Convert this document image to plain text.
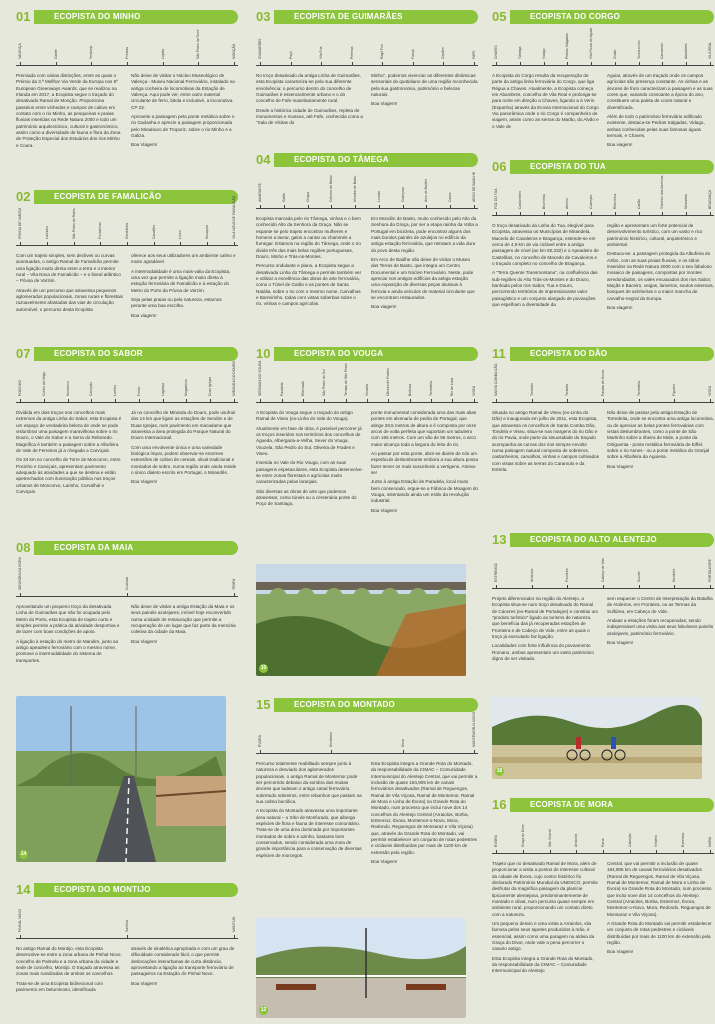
01	ECOPISTA DO MINHO
VALENÇA	Ganfei	Verdoejo	Friestas	Lapela	São Pedro da Torre	MONÇÃO

Premiada com várias distinções, entre as quais o Prémio da 3.ª Mellhor Via Verde da Europa nos 8º European Greenways Awards, que se realizou na Irlanda em 2017, a Ecopista segue o traçado do desativado Ramal de Monção. Proporciona passeios entre vinhedos e campos de cultivo em contato com o rio Minho, as pesqueiras e praias fluviais inseridas na Rede Natura 2000 e todo um património arquitectónico, cultural e gastronómico, assim como a diversidade de fauna e flora da Zona de Proteção Especial dos Estuários dos rios Minho e Coura.

Não deixe de visitar o Núcleo Museológico de Valença - Museu Nacional Ferroviário, instalado na antiga cocheira de locomotivas da Estação de Valença. Aqui pode ver, entre outro material circulante de ferro, bitola e inclusivé, a locomotiva CP 23.

Aproveite a passagem pela ponte metálica sobre o rio Gadanha e aprecie a paisagem proporcionada pelo Miradouro de Troporiz, sobre o rio Minho e a Galiza.

Boa Viagem!

02	ECOPISTA DE FAMALICÃO
PÓVOA DE VARZIM	Laúndos	São Pedro de Rates	Fontainhas	Gondifelos	Cavalões	Louro	Mouquim	VILA NOVA DE FAMALICÃO

Com um trajeto simples, sem declives ou curvas acentuadas, o antigo Ramal de Famalicão permite uma ligação muito direta entre a terra e o interior rural – Vila Nova de Famalicão – e o litoral atlântico – Póvoa de Varzim.

Através de um percurso que atravessa pequenos aglomerados populacionais, zonas rurais e florestais razoavelmente afastadas das vias de circulação automóvel, o percurso desta Ecopista

oferece aos seus utilizadores um ambiente calmo e muito agradável.

A intermodalidade é uma mais-valia da Ecopista, uma vez que permite a ligação muito direta à estação ferroviária de Famalicão e à estação do Metro do Porto da Póvoa de Varzim.

Seja pelas praias ou pela natureza, estamos perante uma boa escolha.

Boa viagem!

07	ECOPISTA DO SABOR
POCINHO	Cortes da Veiga	Moncorvo	Carviçais	Larinho	Freixo	Lagoaça	Mogadouro	Duas Igrejas	MIRANDA DO DOURO

Dividida em dois troços nos concelhos mais extremos da antiga Linha do Sabor, esta Ecopista é um espaço de verdadeira beleza de onde se pode vislumbrar uma paisagem maravilhosa sobre o rio Douro, o Vale do Sabor e a Serra do Reboredo. Magnífica é também a paisagem sobre a Albufeira de Vale de Ferreiros já a chegada a Carviçais.

Os 34 km no concelho de Torre de Moncorvo, entre Pocinho e Carviçais, apresentam pavimento adequado às atividades a que se destina e estão apetrechados com iluminação pública nos troços urbanos de Moncorvo, Larinho, Carvalhal e Carviçais.

Já no concelho de Miranda do Douro, pode usufruir dos 14 km que ligam as estações de Sendim e de Duas Igrejas, num pavimento em macadame que atravessa a área protegida do Parque Natural do Douro Internacional.

Com uma envolvente única e uma variedade biológica ímpar, podem observar-se enormes extensões de cultivo de cereais, olival tradicional e montados de sobro, numa região onde ainda reside o único dialeto escrito em Portugal, o Mirandês.

Boa Viagem!

08	ECOPISTA DA MAIA
SENHORA DA HORA	Custóias	TROFA

Aproveitando um pequeno troço da desativada Linha de Guimarães que não foi ocupada pelo Metro do Porto, esta Ecopista de trajeto curto e simples permite a prática da atividade desportiva e de lazer com boas condições de apoio.

A ligação à estação do metro de Mandim, junto ao antigo apeadeiro ferroviário com o mesmo nome, promove a intermodalidade do sistema de transportes.

Não deixe de visitar a antiga Estação da Maia e os seus painéis azulejares, imóvel hoje reconvertido numa unidade de restauração que permite a recuperação de um lugar que faz parte da memória coletiva da cidade da Maia.

Boa Viagem!

14
14	ECOPISTA DO MONTIJO
PINHAL NOVO	Sarilhos	MONTIJO

No antigo Ramal do Montijo, esta Ecopista desenvolve-se entre a zona urbana de Pinhal Novo, concelho de Palmela e a zona urbana da cidade e sede de concelho, Montijo. O traçado atravessa as zonas mais ruralizadas de ambos os concelhos.

Trata-se de uma Ecopista bidirecional com pavimento em betuminoso, identificada

através de sinalética apropriada e com um grau de dificuldade considerado fácil, o que permite deslocações interurbanas de curta distância, aproveitando a ligação ao transporte ferroviário de passageiros na Estação do Pinhal Novo.

Boa Viagem!

03	ECOPISTA DE GUIMARÃES
GUIMARÃES	Paçô	Vila Fria	Pereiras	Regô Frio	Fareja	Cepães	FAFE

No troço desativado da antiga Linha de Guimarães, esta Ecopista caracteriza-se pela sua diferente envolvência: o percurso dentro do concelho de Guimarães é essencialmente urbano e o do concelho de Fafe maioritariamente rural.

Desde a histórica cidade de Guimarães, repleta de monumentos e museus, até Fafe, conhecida como a "Sala de Visitas do

Minho", podemos vivenciar as diferentes dinâmicas sensoriais do quotidiano de uma região reconhecida pela sua gastronomia, património e belezas naturais.

Boa Viagem!

04	ECOPISTA DO TÂMEGA
AMARANTE	Gatão	Chapa	Celorico de Basto	Mondim de Basto	Lourido	Codeçoso	Arco de Baúlhe	Cavez	ARCO DE BAÚLHE

Ecopista marcada pelo rio Tâmega, vinhas e o bem conhecido Alto da Senhora da Graça. Não se espante se pelo trajeto encontrar mulheres e homens a lavrar, galos a cantar ou chaminés a fumegar. Estamos na região do Tâmega, onde o rio divide três das mais belas regiões portuguesas, Douro, Minho e Trás-os-Montes.

Percurso ondulante e plano, a Ecopista segue a desativada Linha do Tâmega e permite também ver e utilizar a excelência das obras de arte ferroviária, como o Túnel de Gatão e as pontes de Santa Natália, sobre o rio com o mesmo nome, Carvalhas e Barreirinho, todas com vistas soberbas sobre o rio, vinhas e campos agrícolas.

Em Mondim de Basto, muito conhecido pelo Alto da Senhora da Graça, por ser a etapa rainha da Volta a Portugal em bicicleta, pode encontrar alguns dos mais bonitos painéis de azulejos no edifício da antiga estação ferroviária, que retratam a vida dura do povo desta região.

Em Arco de Baúlhe não deixe de visitar o Museu das Terras de Basto, que integra um Centro Documental e um Núcleo Ferroviário. Neste, pode apreciar nos antigos edifícios da antiga estação uma exposição de diversas peças alusivas à ferrovia e ainda veículos de material circulante que se encontram restaurados.

Boa viagem!

10	ECOPISTA DO VOUGA
SERNADA DO VOUGA	Paradela	Ribeiradio	São Pedro do Sul	Termas de São Pedro	Vouzela	Oliveira de Frades	Bodiosa	Torredeita	Rio de Loba	VISEU

A Ecopista do Vouga segue o traçado do antigo Ramal de Viseu (ex-Linha do Vale do Vouga).

Atualmente em fase de obra, é possível percorrer já os troços inseridos nos territórios dos concelhos de Águeda, Albergaria-a-Velha, Sever do Vouga, Vouzela, São Pedro do Sul, Oliveira de Frades e Viseu.

Inserida no Vale do Rio Vouga, com as suas paisagens espetaculares, esta Ecopista desenvolve-se entre zonas florestais e agrícolas muito caracterizadas pelas laranjais.

São diversas as obras de arte que podemos atravessar, como túneis ou a centenária ponte do Poço de Santiago,

ponte monumental considerada uma das mais altas pontes em alvenaria de pedra de Portugal, que atinge 28,5 metros de altura e é composta por onze arcos de volta perfeita que suportam um tabuleiro com 165 metros. Com um vão de 55 metros, o arco maior alcança toda a largura do leito do rio.

Ao passar por esta ponte, abre-se diante de nós um espetáculo deslumbrante embora a sua altura possa fazer temer os mais suscetíveis a vertigens. Atreva-se!

Junto à antiga Estação de Paradela, local muito bem conservado, ergue-se a Fábrica de Moagem do Vouga, ostentando ainda um estilo da revolução industrial.

Boa Viagem!

10
15	ECOPISTA DO MONTADO
ÉVORA	Montemor	Mora	MONTEMOR-O-NOVO

Percurso totalmente reabilitado sempre junto à natureza e desviado dos aglomerados populacionais, o antigo Ramal de Montemor pode ser percorrido debaixo da sombra das muitas árvores que ladeiam o antigo canal ferroviário, sobretudo sobreiros, entre rebanhos que pastam na sua calma bucólica.

A Ecopista do Montado atravessa uma importante área natural – o Sítio de Monfurado, que alberga espécies de flora e fauna de interesse comunitário. Trata-se de uma área dominada por importantes montados de sobro e azinho, bastante bem conservados, sendo considerada uma zona de grande importância para a conservação de diversas espécies de morcegos.

Esta Ecopista integra a Grande Rota do Montado, da responsabilidade da CIMAC – Comunidade Intermunicipal do Alentejo Central, que vai permitir a inclusão de quase 184,805 km de canais ferroviários desativados (Ramal de Reguengos, Ramal de Vila Viçosa, Ramal de Montemor, Ramal de Mora e Linha de Évora) na Grande Rota do Montado, num processo que inclui nove dos 14 concelhos do Alentejo Central (Arraiolos, Borba, Estremoz, Évora, Montemor-o-Novo, Mora, Redondo, Reguengos de Monsaraz e Vila Viçosa) que, através da Grande Rota do Montado, vai permitir estabelecer um conjunto de rotas pedestres e cicláveis distribuídas por mais de 1100 km de extensão pela região.

Boa Viagem!

12
05	ECOPISTA DO CORGO
CHAVES	Tâmega	Vidago	Pedras Salgadas	Vila Pouca de Aguiar	Zimão	Tourencinho	Carrazedo	Abambres	VILA REAL

A Ecopista do Corgo resulta da recuperação de parte da antiga linha ferroviária do Corgo, que liga Régua a Chaves. Atualmente, a Ecopista começa em Abambres, concelho de Vila Real e prolonga-se para norte em direção a Chaves, ligando a à Verin (Espanha) através da Ecovia Internacional do Corgo Via panorâmica onde o rio Corgo é companheiro de viagem, assim como as serras do Marão, do Alvão e o Vale de

Aguiar, através de um traçado onde os campos agrícolas são presença constante. As vinhas e as árvores de fruto caracterizam a paisagem e as suas cores que, variando consoante a época do ano, constituem uma paleta de cores natural e diversificada.

Além de todo o património ferroviário edificado existente, destaca-se Pedras Salgadas, Vidago, ambas conhecidas pelas suas famosas águas termais, e Chaves.

Boa viagem!

06	ECOPISTA DO TUA
FOZ DO TUA	Castanheiro	Brunheda	Abreiro	Codeçais	Ribeirinha	Carlão	Vilarinho das Azenhas	Mirandela	BRAGANÇA

O troço desativado da Linha do Tua, elegível para Ecopista, atravessa os Municípios de Mirandela, Macedo de Cavaleiros e Bragança, estende-se em cerca de 4,9 km de via ciclável entre a antiga passagem de nível (ao km 80,332) e o Apeadeiro de Castelãos, no concelho de Macedo de Cavaleiros e o traçado completo no concelho de Bragança.

A "Terra Quente Transmontana", na confluência das sub-regiões do Alto Trás-os-Montes e do Douro, banhada pelos rios Sabor, Tua e Douro, percorrendo territórios de impressionante valor paisagístico e um conjunto alargado de povoações que espelham a diversidade da

região e apresentam um forte potencial de desenvolvimento turístico, com um vasto e rico património histórico, cultural, arquitetónico e ambiental.

Destaca-se: a passagem protegida da Albufeira do Azibo, com as suas praias fluviais, e os sítios inseridos na Rede Natura 2000 com o seu fabuloso mosaico de paisagens, compostas por montes arredondados, os vales encaixados dos rios Sabor, Maçãs e Baceiro, veigas, lameiros, soutos extensos, bosques de azinheiras e a maior mancha de carvalho-negral da Europa.

Boa viagem!

11	ECOPISTA DO DÃO
SANTA COMBA DÃO	Treixedo	Tondela	Parada de Gonta	Torredeita	Figueiró	VISEU

Situada no antigo Ramal de Viseu (ex-Linha do Dão) e inaugurada em julho de 2011, esta Ecopista, que atravessa os concelhos de Santa Comba Dão, Tondela e Viseu, situa-se nas margens do rio Dão e do rio Pavia, onde parte da sinuosidade do traçado acompanha as curvas dos rios sempre envolto numa paisagem natural composta de sobreiros, castanheiros, carvalhos, vinhas e campos cultivados com vistas sobre as serras do Caramulo e da Estrela.

Não deixe de passar pela antiga Estação de Torredeita, onde se encontra uma antiga locomotiva, ou de apreciar as belas pontes ferroviárias com vistas deslumbrantes, como a ponte de São Martinho sobre a ribeira de Mide, a ponte da Ortiguenta - ponte metálica ferroviária de Eiffel, sobre o rio Asnes - ou a ponte metálica do Granjal sobre a Albufeira da Aguieira.

Boa Viagem!

13	ECOPISTA DO ALTO ALENTEJO
ESTREMOZ	Arraiolos	Fronteira	Cabeço de Vide	Sousel	Monforte	PORTALEGRE

Projeto diferenciador na região do Alentejo, a Ecopista situa-se num troço desativado do Ramal de Cáceres (ex-Ramal de Portalegre) e constitui um "produto turístico" ligado ao turismo de natureza, que beneficia das já recuperadas estações de Fronteira e de Cabeço de Vide, entre as quais o troço já executado faz ligação.

Localidades com forte influência do povoamento Romano, ambas apresentam um vasto património digno de ser visitado.

sem esquecer o Centro de Interpretação da Batalha de Atoleiros, em Fronteira, ou as Termas da Sulfúrea, em Cabeço de Vide.

Andaas a estações foram recuperadas, sendo indispensável uma visita aos seus fabulosos painéis azulejares, património ferroviário.

Boa Viagem!

16
16	ECOPISTA DE MORA
ÉVORA	Graça do Divor	São Vicente	Arraiolos	Pavia	Cabeção	Vimieiro	Estremoz	MORA

Trajeto que no desativado Ramal de Mora, além de proporcionar a visita a pontos de interesse cultural da cidade de Évora, cujo centro histórico foi declarado Património Mundial da UNESCO, permite desfrutar da magnífica paisagem da planície tipicamente alentejana, predominantemente de montado e olival, num percurso quase sempre em ambiente rural, proporcionando um contato direto com a natureza.

Um pequeno desvio e uma visita a Arraiolos, vila famosa pelos seus tapetes produzidos à mão, é essencial, assim como uma paragem na aldeia da Graça do Divor, onde vale a pena percorrer o casario antigo.

Esta Ecopista integra a Grande Rota do Montado, da responsabilidade da CIMAC – Comunidade Intermunicipal do Alentejo

Central, que vai permitir a inclusão de quase 184,805 km de canais ferroviários desativados (Ramal de Reguengos, Ramal de Vila Viçosa, Ramal de Montemor, Ramal de Mora e Linha de Évora) na Grande Rota do Montado, num processo que inclui nove dos 14 concelhos do Alentejo Central (Arraiolos, Borba, Estremoz, Évora, Montemor-o-Novo, Mora, Redondo, Reguengos de Monsaraz e Vila Viçosa).

A Grande Rota do Montado vai permitir estabelecer um conjunto de rotas pedestres e cicláveis distribuídas por mais de 1100 km de extensão pela região.

Boa Viagem!
